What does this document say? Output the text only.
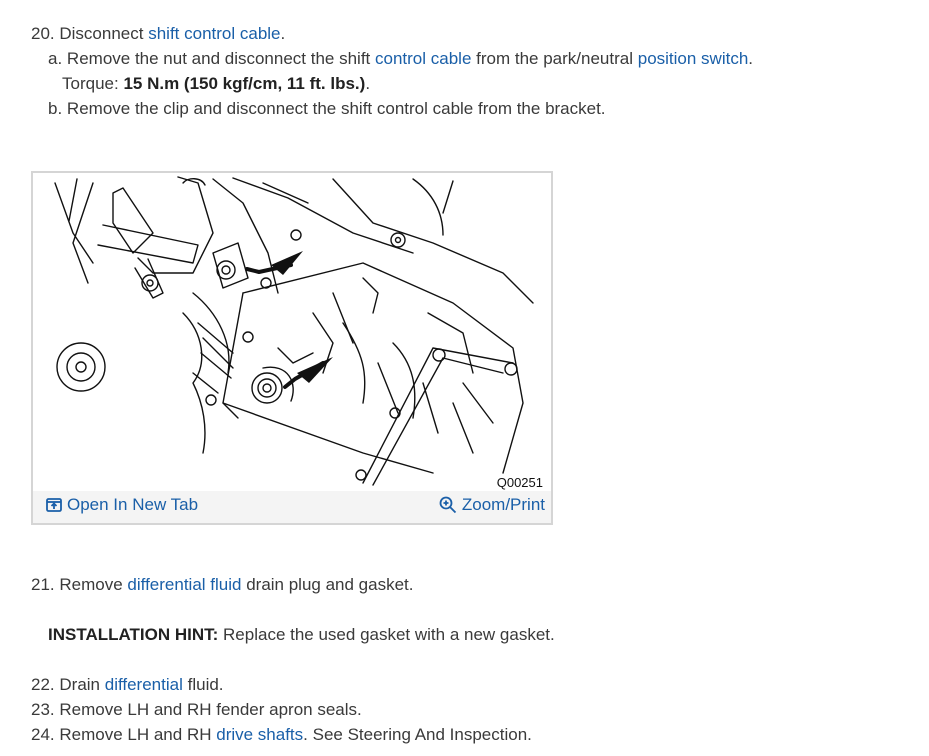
20. Disconnect shift control cable.
a. Remove the nut and disconnect the shift control cable from the park/neutral position switch.
Torque: 15 N.m (150 kgf/cm, 11 ft. lbs.).
b. Remove the clip and disconnect the shift control cable from the bracket.
Q00251
Open In New Tab	Zoom/Print
21. Remove differential fluid drain plug and gasket.
INSTALLATION HINT: Replace the used gasket with a new gasket.
22. Drain differential fluid.
23. Remove LH and RH fender apron seals.
24. Remove LH and RH drive shafts. See Steering And Inspection.
